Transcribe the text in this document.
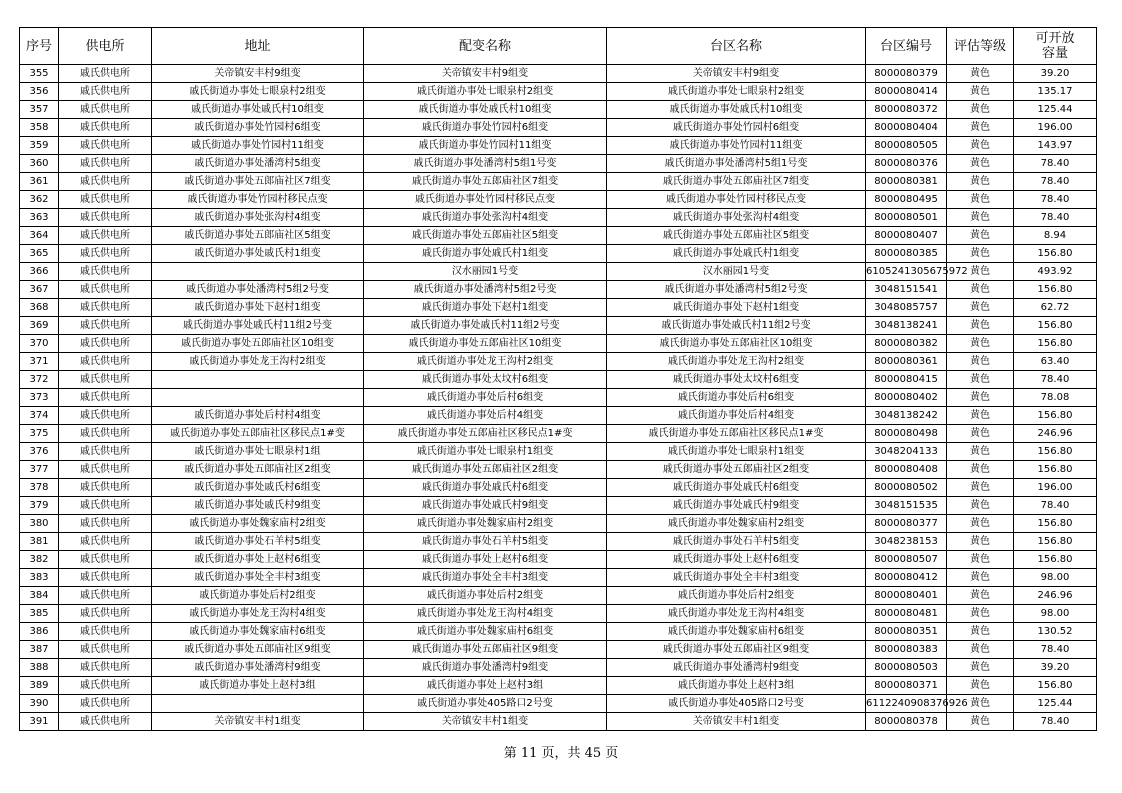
序号	供电所	地址	配变名称	台区名称	台区编号	评估等级	可开放
容量
355	戚氏供电所	关帝镇安丰村9组变	关帝镇安丰村9组变	关帝镇安丰村9组变	8000080379	黄色	39.20
356	戚氏供电所	戚氏街道办事处七眼泉村2组变	戚氏街道办事处七眼泉村2组变	戚氏街道办事处七眼泉村2组变	8000080414	黄色	135.17
357	戚氏供电所	戚氏街道办事处戚氏村10组变	戚氏街道办事处戚氏村10组变	戚氏街道办事处戚氏村10组变	8000080372	黄色	125.44
358	戚氏供电所	戚氏街道办事处竹园村6组变	戚氏街道办事处竹园村6组变	戚氏街道办事处竹园村6组变	8000080404	黄色	196.00
359	戚氏供电所	戚氏街道办事处竹园村11组变	戚氏街道办事处竹园村11组变	戚氏街道办事处竹园村11组变	8000080505	黄色	143.97
360	戚氏供电所	戚氏街道办事处潘湾村5组变	戚氏街道办事处潘湾村5组1号变	戚氏街道办事处潘湾村5组1号变	8000080376	黄色	78.40
361	戚氏供电所	戚氏街道办事处五郎庙社区7组变	戚氏街道办事处五郎庙社区7组变	戚氏街道办事处五郎庙社区7组变	8000080381	黄色	78.40
362	戚氏供电所	戚氏街道办事处竹园村移民点变	戚氏街道办事处竹园村移民点变	戚氏街道办事处竹园村移民点变	8000080495	黄色	78.40
363	戚氏供电所	戚氏街道办事处张沟村4组变	戚氏街道办事处张沟村4组变	戚氏街道办事处张沟村4组变	8000080501	黄色	78.40
364	戚氏供电所	戚氏街道办事处五郎庙社区5组变	戚氏街道办事处五郎庙社区5组变	戚氏街道办事处五郎庙社区5组变	8000080407	黄色	8.94
365	戚氏供电所	戚氏街道办事处戚氏村1组变	戚氏街道办事处戚氏村1组变	戚氏街道办事处戚氏村1组变	8000080385	黄色	156.80
366	戚氏供电所		汉水丽园1号变	汉水丽园1号变	6105241305675972	黄色	493.92
367	戚氏供电所	戚氏街道办事处潘湾村5组2号变	戚氏街道办事处潘湾村5组2号变	戚氏街道办事处潘湾村5组2号变	3048151541	黄色	156.80
368	戚氏供电所	戚氏街道办事处下赵村1组变	戚氏街道办事处下赵村1组变	戚氏街道办事处下赵村1组变	3048085757	黄色	62.72
369	戚氏供电所	戚氏街道办事处戚氏村11组2号变	戚氏街道办事处戚氏村11组2号变	戚氏街道办事处戚氏村11组2号变	3048138241	黄色	156.80
370	戚氏供电所	戚氏街道办事处五郎庙社区10组变	戚氏街道办事处五郎庙社区10组变	戚氏街道办事处五郎庙社区10组变	8000080382	黄色	156.80
371	戚氏供电所	戚氏街道办事处龙王沟村2组变	戚氏街道办事处龙王沟村2组变	戚氏街道办事处龙王沟村2组变	8000080361	黄色	63.40
372	戚氏供电所		戚氏街道办事处太坟村6组变	戚氏街道办事处太坟村6组变	8000080415	黄色	78.40
373	戚氏供电所		戚氏街道办事处后村6组变	戚氏街道办事处后村6组变	8000080402	黄色	78.08
374	戚氏供电所	戚氏街道办事处后村村4组变	戚氏街道办事处后村4组变	戚氏街道办事处后村4组变	3048138242	黄色	156.80
375	戚氏供电所	戚氏街道办事处五郎庙社区移民点1#变	戚氏街道办事处五郎庙社区移民点1#变	戚氏街道办事处五郎庙社区移民点1#变	8000080498	黄色	246.96
376	戚氏供电所	戚氏街道办事处七眼泉村1组	戚氏街道办事处七眼泉村1组变	戚氏街道办事处七眼泉村1组变	3048204133	黄色	156.80
377	戚氏供电所	戚氏街道办事处五郎庙社区2组变	戚氏街道办事处五郎庙社区2组变	戚氏街道办事处五郎庙社区2组变	8000080408	黄色	156.80
378	戚氏供电所	戚氏街道办事处戚氏村6组变	戚氏街道办事处戚氏村6组变	戚氏街道办事处戚氏村6组变	8000080502	黄色	196.00
379	戚氏供电所	戚氏街道办事处戚氏村9组变	戚氏街道办事处戚氏村9组变	戚氏街道办事处戚氏村9组变	3048151535	黄色	78.40
380	戚氏供电所	戚氏街道办事处魏家庙村2组变	戚氏街道办事处魏家庙村2组变	戚氏街道办事处魏家庙村2组变	8000080377	黄色	156.80
381	戚氏供电所	戚氏街道办事处石羊村5组变	戚氏街道办事处石羊村5组变	戚氏街道办事处石羊村5组变	3048238153	黄色	156.80
382	戚氏供电所	戚氏街道办事处上赵村6组变	戚氏街道办事处上赵村6组变	戚氏街道办事处上赵村6组变	8000080507	黄色	156.80
383	戚氏供电所	戚氏街道办事处全丰村3组变	戚氏街道办事处全丰村3组变	戚氏街道办事处全丰村3组变	8000080412	黄色	98.00
384	戚氏供电所	戚氏街道办事处后村2组变	戚氏街道办事处后村2组变	戚氏街道办事处后村2组变	8000080401	黄色	246.96
385	戚氏供电所	戚氏街道办事处龙王沟村4组变	戚氏街道办事处龙王沟村4组变	戚氏街道办事处龙王沟村4组变	8000080481	黄色	98.00
386	戚氏供电所	戚氏街道办事处魏家庙村6组变	戚氏街道办事处魏家庙村6组变	戚氏街道办事处魏家庙村6组变	8000080351	黄色	130.52
387	戚氏供电所	戚氏街道办事处五郎庙社区9组变	戚氏街道办事处五郎庙社区9组变	戚氏街道办事处五郎庙社区9组变	8000080383	黄色	78.40
388	戚氏供电所	戚氏街道办事处潘湾村9组变	戚氏街道办事处潘湾村9组变	戚氏街道办事处潘湾村9组变	8000080503	黄色	39.20
389	戚氏供电所	戚氏街道办事处上赵村3组	戚氏街道办事处上赵村3组	戚氏街道办事处上赵村3组	8000080371	黄色	156.80
390	戚氏供电所		戚氏街道办事处405路口2号变	戚氏街道办事处405路口2号变	6112240908376926	黄色	125.44
391	戚氏供电所	关帝镇安丰村1组变	关帝镇安丰村1组变	关帝镇安丰村1组变	8000080378	黄色	78.40
第 11 页，共 45 页
